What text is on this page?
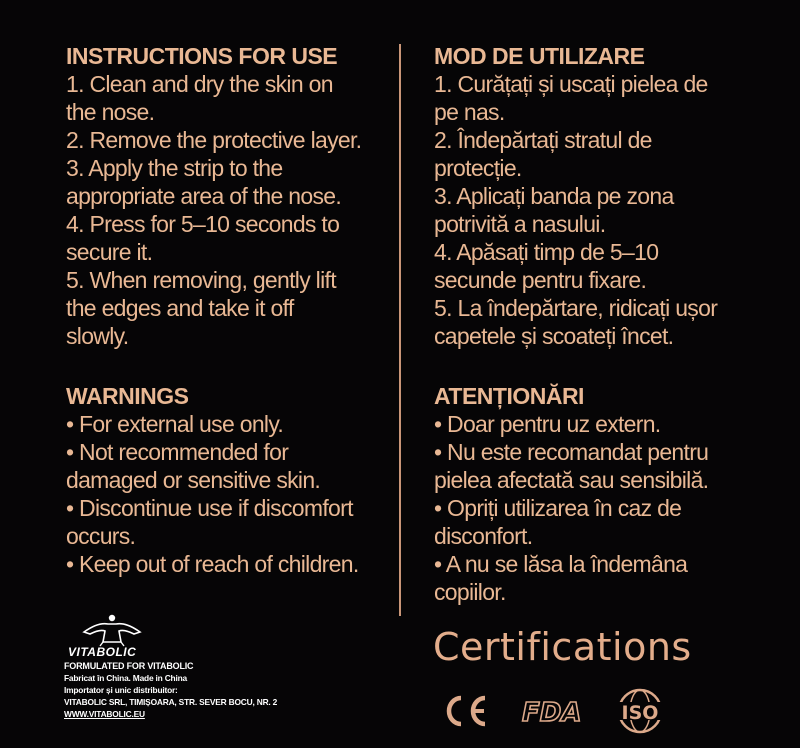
INSTRUCTIONS FOR USE
1. Clean and dry the skin on
the nose.
2. Remove the protective layer.
3. Apply the strip to the
appropriate area of the nose.
4. Press for 5–10 seconds to
secure it.
5. When removing, gently lift
the edges and take it off
slowly.
WARNINGS
• For external use only.
• Not recommended for
damaged or sensitive skin.
• Discontinue use if discomfort
occurs.
• Keep out of reach of children.
MOD DE UTILIZARE
1. Curățați și uscați pielea de
pe nas.
2. Îndepărtați stratul de
protecție.
3. Aplicați banda pe zona
potrivită a nasului.
4. Apăsați timp de 5–10
secunde pentru fixare.
5. La îndepărtare, ridicați ușor
capetele și scoateți încet.
ATENȚIONĂRI
• Doar pentru uz extern.
• Nu este recomandat pentru
pielea afectată sau sensibilă.
• Opriți utilizarea în caz de
disconfort.
• A nu se lăsa la îndemâna
copiilor.
VITABOLIC

FORMULATED FOR VITABOLIC

Fabricat în China. Made in China

Importator și unic distribuitor:

VITABOLIC SRL, TIMIȘOARA, STR. SEVER BOCU, NR. 2

WWW.VITABOLIC.EU

Certifications

FDA ISO
